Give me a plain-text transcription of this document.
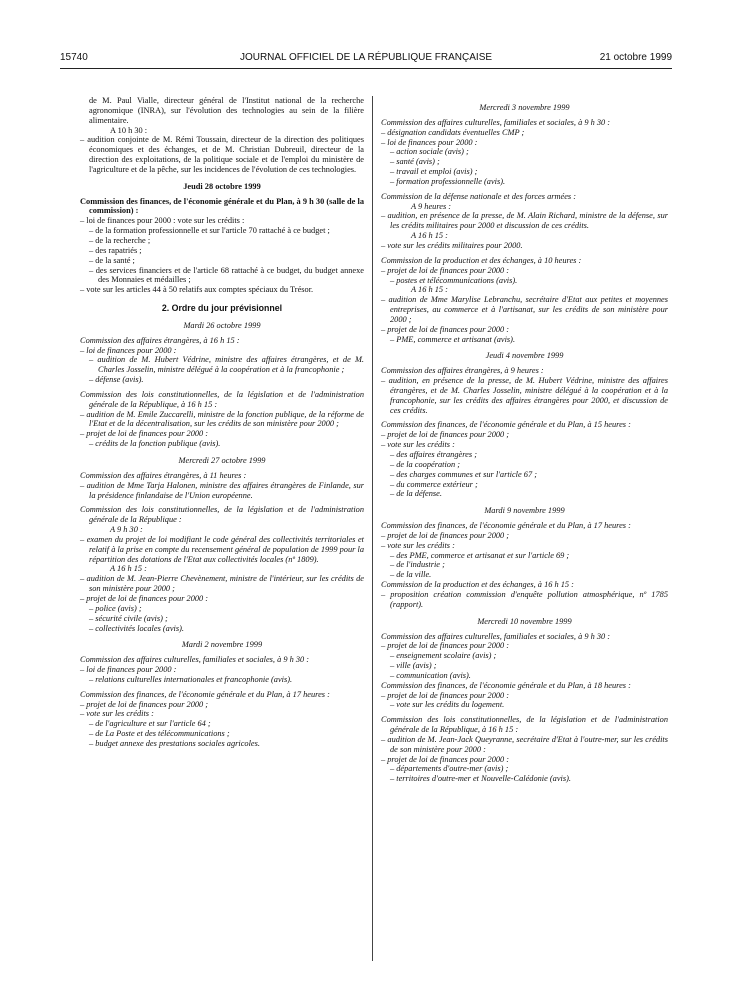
15740	JOURNAL OFFICIEL DE LA RÉPUBLIQUE FRANÇAISE	21 octobre 1999

de M. Paul Vialle, directeur général de l'Institut national de la recherche agronomique (INRA), sur l'évolution des technologies au sein de la filière alimentaire.

A 10 h 30 :

– audition conjointe de M. Rémi Toussain, directeur de la direction des politiques économiques et des échanges, et de M. Christian Dubreuil, directeur de la direction des exploitations, de la politique sociale et de l'emploi du ministère de l'agriculture et de la pêche, sur les incidences de l'évolution de ces technologies.

Jeudi 28 octobre 1999

Commission des finances, de l'économie générale et du Plan, à 9 h 30 (salle de la commission) :

– loi de finances pour 2000 : vote sur les crédits :

– de la formation professionnelle et sur l'article 70 rattaché à ce budget ;

– de la recherche ;

– des rapatriés ;

– de la santé ;

– des services financiers et de l'article 68 rattaché à ce budget, du budget annexe des Monnaies et médailles ;

– vote sur les articles 44 à 50 relatifs aux comptes spéciaux du Trésor.

2. Ordre du jour prévisionnel

Mardi 26 octobre 1999

Commission des affaires étrangères, à 16 h 15 :

– loi de finances pour 2000 :

– audition de M. Hubert Védrine, ministre des affaires étrangères, et de M. Charles Josselin, ministre délégué à la coopération et à la francophonie ;

– défense (avis).

Commission des lois constitutionnelles, de la législation et de l'administration générale de la République, à 16 h 15 :

– audition de M. Emile Zuccarelli, ministre de la fonction publique, de la réforme de l'Etat et de la décentralisation, sur les crédits de son ministère pour 2000 ;

– projet de loi de finances pour 2000 :

– crédits de la fonction publique (avis).

Mercredi 27 octobre 1999

Commission des affaires étrangères, à 11 heures :

– audition de Mme Tarja Halonen, ministre des affaires étrangères de Finlande, sur la présidence finlandaise de l'Union européenne.

Commission des lois constitutionnelles, de la législation et de l'administration générale de la République :

A 9 h 30 :

– examen du projet de loi modifiant le code général des collectivités territoriales et relatif à la prise en compte du recensement général de population de 1999 pour la répartition des dotations de l'Etat aux collectivités locales (nº 1809).

A 16 h 15 :

– audition de M. Jean-Pierre Chevènement, ministre de l'intérieur, sur les crédits de son ministère pour 2000 ;

– projet de loi de finances pour 2000 :

– police (avis) ;

– sécurité civile (avis) ;

– collectivités locales (avis).

Mardi 2 novembre 1999

Commission des affaires culturelles, familiales et sociales, à 9 h 30 :

– loi de finances pour 2000 :

– relations culturelles internationales et francophonie (avis).

Commission des finances, de l'économie générale et du Plan, à 17 heures :

– projet de loi de finances pour 2000 ;

– vote sur les crédits :

– de l'agriculture et sur l'article 64 ;

– de La Poste et des télécommunications ;

– budget annexe des prestations sociales agricoles.

Mercredi 3 novembre 1999

Commission des affaires culturelles, familiales et sociales, à 9 h 30 :

– désignation candidats éventuelles CMP ;

– loi de finances pour 2000 :

– action sociale (avis) ;

– santé (avis) ;

– travail et emploi (avis) ;

– formation professionnelle (avis).

Commission de la défense nationale et des forces armées :

A 9 heures :

– audition, en présence de la presse, de M. Alain Richard, ministre de la défense, sur les crédits militaires pour 2000 et discussion de ces crédits.

A 16 h 15 :

– vote sur les crédits militaires pour 2000.

Commission de la production et des échanges, à 10 heures :

– projet de loi de finances pour 2000 :

– postes et télécommunications (avis).

A 16 h 15 :

– audition de Mme Marylise Lebranchu, secrétaire d'Etat aux petites et moyennes entreprises, au commerce et à l'artisanat, sur les crédits de son ministère pour 2000 ;

– projet de loi de finances pour 2000 :

– PME, commerce et artisanat (avis).

Jeudi 4 novembre 1999

Commission des affaires étrangères, à 9 heures :

– audition, en présence de la presse, de M. Hubert Védrine, ministre des affaires étrangères, et de M. Charles Josselin, ministre délégué à la coopération et à la francophonie, sur les crédits des affaires étrangères pour 2000, et discussion de ces crédits.

Commission des finances, de l'économie générale et du Plan, à 15 heures :

– projet de loi de finances pour 2000 ;

– vote sur les crédits :

– des affaires étrangères ;

– de la coopération ;

– des charges communes et sur l'article 67 ;

– du commerce extérieur ;

– de la défense.

Mardi 9 novembre 1999

Commission des finances, de l'économie générale et du Plan, à 17 heures :

– projet de loi de finances pour 2000 ;

– vote sur les crédits :

– des PME, commerce et artisanat et sur l'article 69 ;

– de l'industrie ;

– de la ville.

Commission de la production et des échanges, à 16 h 15 :

– proposition création commission d'enquête pollution atmosphérique, nº 1785 (rapport).

Mercredi 10 novembre 1999

Commission des affaires culturelles, familiales et sociales, à 9 h 30 :

– projet de loi de finances pour 2000 :

– enseignement scolaire (avis) ;

– ville (avis) ;

– communication (avis).

Commission des finances, de l'économie générale et du Plan, à 18 heures :

– projet de loi de finances pour 2000 :

– vote sur les crédits du logement.

Commission des lois constitutionnelles, de la législation et de l'administration générale de la République, à 16 h 15 :

– audition de M. Jean-Jack Queyranne, secrétaire d'Etat à l'outre-mer, sur les crédits de son ministère pour 2000 :

– projet de loi de finances pour 2000 :

– départements d'outre-mer (avis) ;

– territoires d'outre-mer et Nouvelle-Calédonie (avis).
